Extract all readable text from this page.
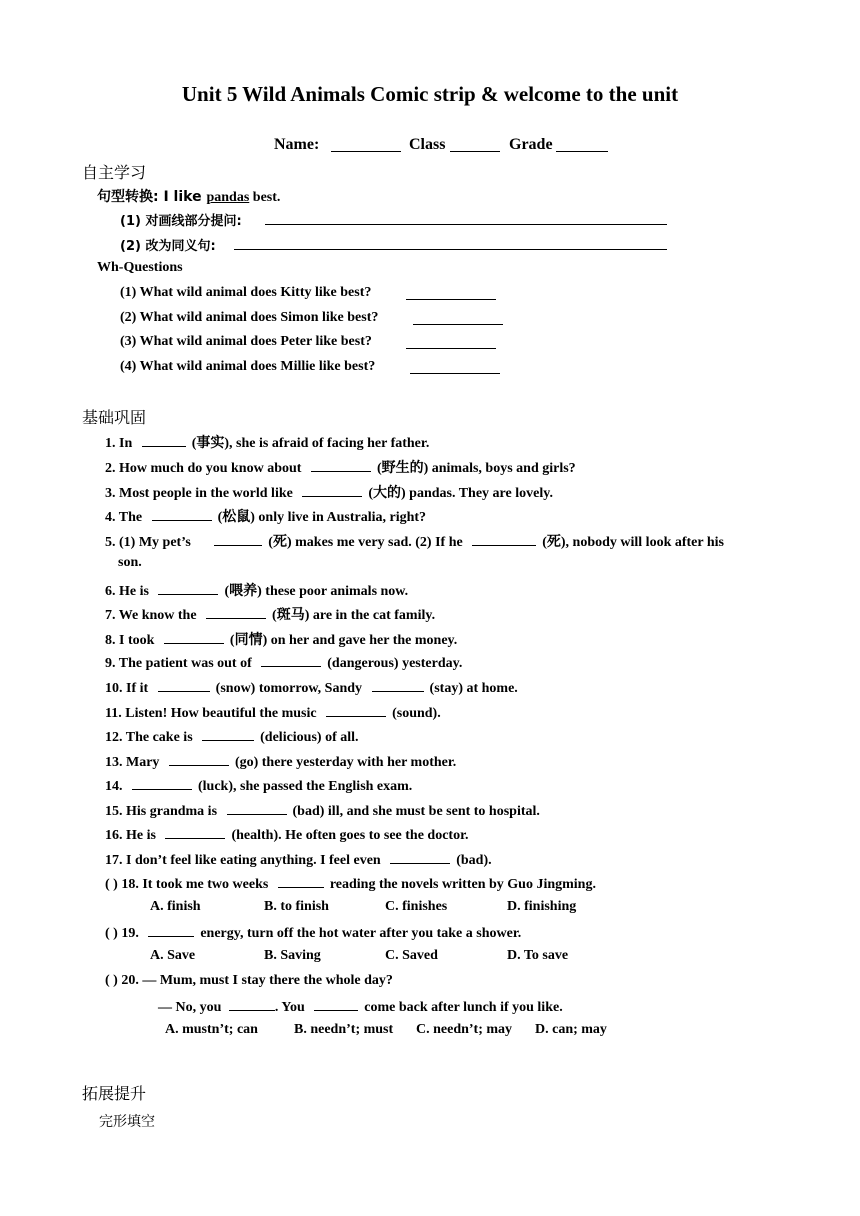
Unit 5 Wild Animals Comic strip & welcome to the unit
Name:	Class	Grade
自主学习
句型转换: I like pandas best.
(1) 对画线部分提问:
(2) 改为同义句:
Wh-Questions
(1) What wild animal does Kitty like best?
(2) What wild animal does Simon like best?
(3) What wild animal does Peter like best?
(4) What wild animal does Millie like best?
基础巩固
1. In	(事实), she is afraid of facing her father.
2. How much do you know about	(野生的) animals, boys and girls?
3. Most people in the world like	(大的) pandas. They are lovely.
4. The	(松鼠) only live in Australia, right?
5. (1) My pet’s	(死) makes me very sad. (2) If he	(死), nobody will look after his
son.
6. He is	(喂养) these poor animals now.
7. We know the	(斑马) are in the cat family.
8. I took	(同情) on her and gave her the money.
9. The patient was out of	(dangerous) yesterday.
10. If it	(snow) tomorrow, Sandy	(stay) at home.
11. Listen! How beautiful the music	(sound).
12. The cake is	(delicious) of all.
13. Mary	(go) there yesterday with her mother.
14.	(luck), she passed the English exam.
15. His grandma is	(bad) ill, and she must be sent to hospital.
16. He is	(health). He often goes to see the doctor.
17. I don’t feel like eating anything. I feel even	(bad).
( ) 18. It took me two weeks	reading the novels written by Guo Jingming.
A. finish	B. to finish	C. finishes	D. finishing
( ) 19.	energy, turn off the hot water after you take a shower.
A. Save	B. Saving	C. Saved	D. To save
( ) 20. — Mum, must I stay there the whole day?
— No, you	. You	come back after lunch if you like.
A. mustn’t; can	B. needn’t; must C. needn’t; may D. can; may
拓展提升
完形填空
